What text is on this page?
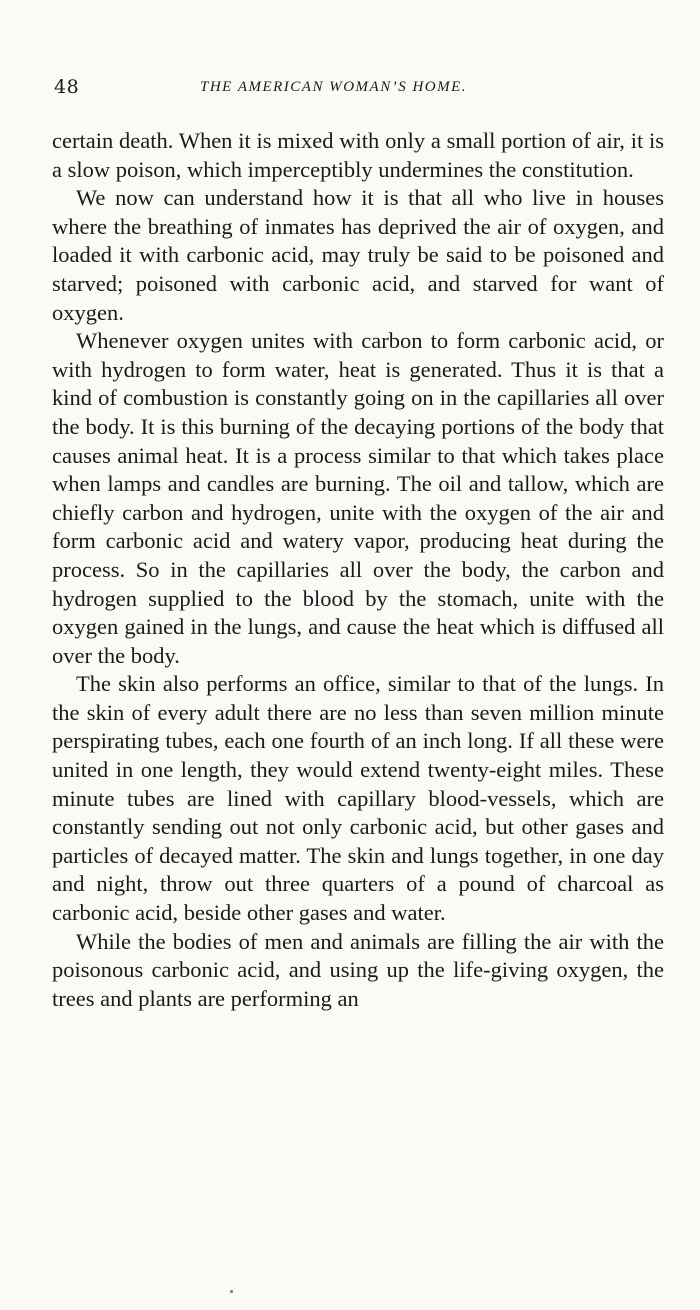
48	THE AMERICAN WOMAN’S HOME.

certain death. When it is mixed with only a small portion of air, it is a slow poison, which imperceptibly undermines the constitution.

We now can understand how it is that all who live in houses where the breathing of inmates has deprived the air of oxygen, and loaded it with carbonic acid, may truly be said to be poisoned and starved; poisoned with carbonic acid, and starved for want of oxygen.

Whenever oxygen unites with carbon to form carbonic acid, or with hydrogen to form water, heat is generated. Thus it is that a kind of combustion is constantly going on in the capillaries all over the body. It is this burning of the decaying portions of the body that causes animal heat. It is a process similar to that which takes place when lamps and candles are burning. The oil and tallow, which are chiefly carbon and hydrogen, unite with the oxygen of the air and form carbonic acid and watery vapor, producing heat during the process. So in the capillaries all over the body, the carbon and hydrogen supplied to the blood by the stomach, unite with the oxygen gained in the lungs, and cause the heat which is diffused all over the body.

The skin also performs an office, similar to that of the lungs. In the skin of every adult there are no less than seven million minute perspirating tubes, each one fourth of an inch long. If all these were united in one length, they would extend twenty-eight miles. These minute tubes are lined with capillary blood-vessels, which are constantly sending out not only carbonic acid, but other gases and particles of decayed matter. The skin and lungs together, in one day and night, throw out three quarters of a pound of charcoal as carbonic acid, beside other gases and water.

While the bodies of men and animals are filling the air with the poisonous carbonic acid, and using up the life-giving oxygen, the trees and plants are performing an
